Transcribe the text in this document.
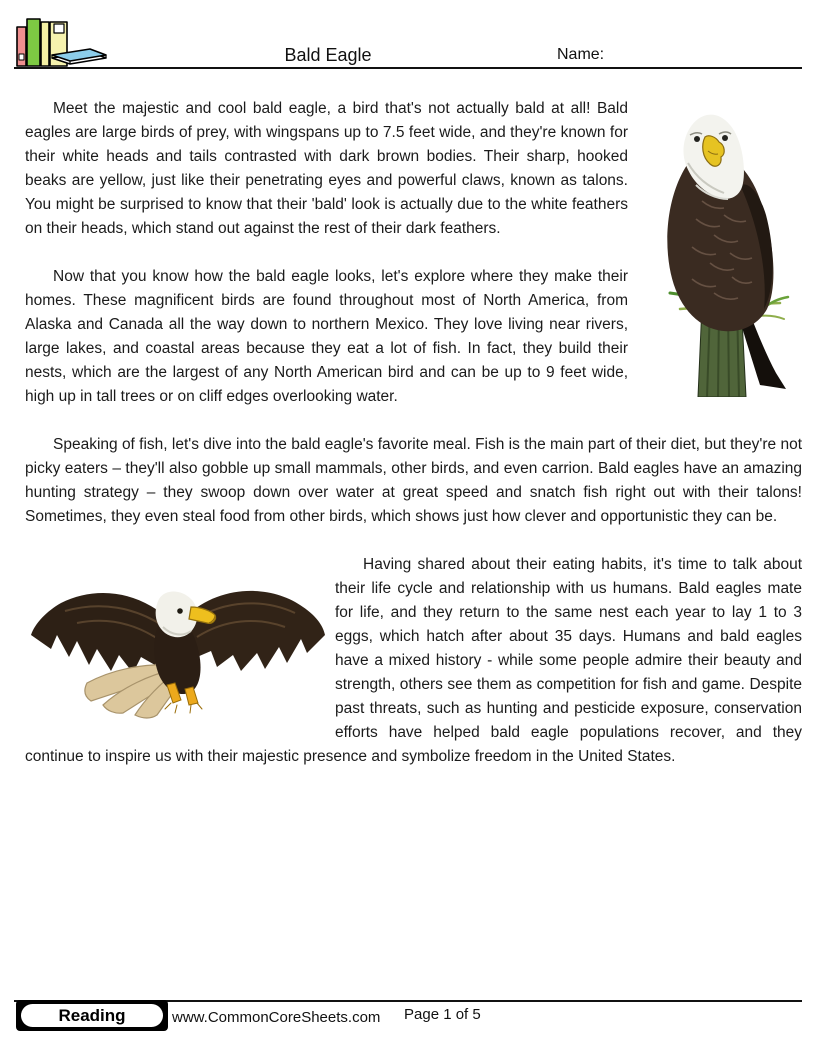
Bald Eagle	Name:

Meet the majestic and cool bald eagle, a bird that's not actually bald at all! Bald eagles are large birds of prey, with wingspans up to 7.5 feet wide, and they're known for their white heads and tails contrasted with dark brown bodies. Their sharp, hooked beaks are yellow, just like their penetrating eyes and powerful claws, known as talons. You might be surprised to know that their 'bald' look is actually due to the white feathers on their heads, which stand out against the rest of their dark feathers.

Now that you know how the bald eagle looks, let's explore where they make their homes. These magnificent birds are found throughout most of North America, from Alaska and Canada all the way down to northern Mexico. They love living near rivers, large lakes, and coastal areas because they eat a lot of fish. In fact, they build their nests, which are the largest of any North American bird and can be up to 9 feet wide, high up in tall trees or on cliff edges overlooking water.

Speaking of fish, let's dive into the bald eagle's favorite meal. Fish is the main part of their diet, but they're not picky eaters – they'll also gobble up small mammals, other birds, and even carrion. Bald eagles have an amazing hunting strategy – they swoop down over water at great speed and snatch fish right out with their talons! Sometimes, they even steal food from other birds, which shows just how clever and opportunistic they can be.

Having shared about their eating habits, it's time to talk about their life cycle and relationship with us humans. Bald eagles mate for life, and they return to the same nest each year to lay 1 to 3 eggs, which hatch after about 35 days. Humans and bald eagles have a mixed history - while some people admire their beauty and strength, others see them as competition for fish and game. Despite past threats, such as hunting and pesticide exposure, conservation efforts have helped bald eagle populations recover, and they continue to inspire us with their majestic presence and symbolize freedom in the United States.

Reading	www.CommonCoreSheets.com Page 1 of 5
